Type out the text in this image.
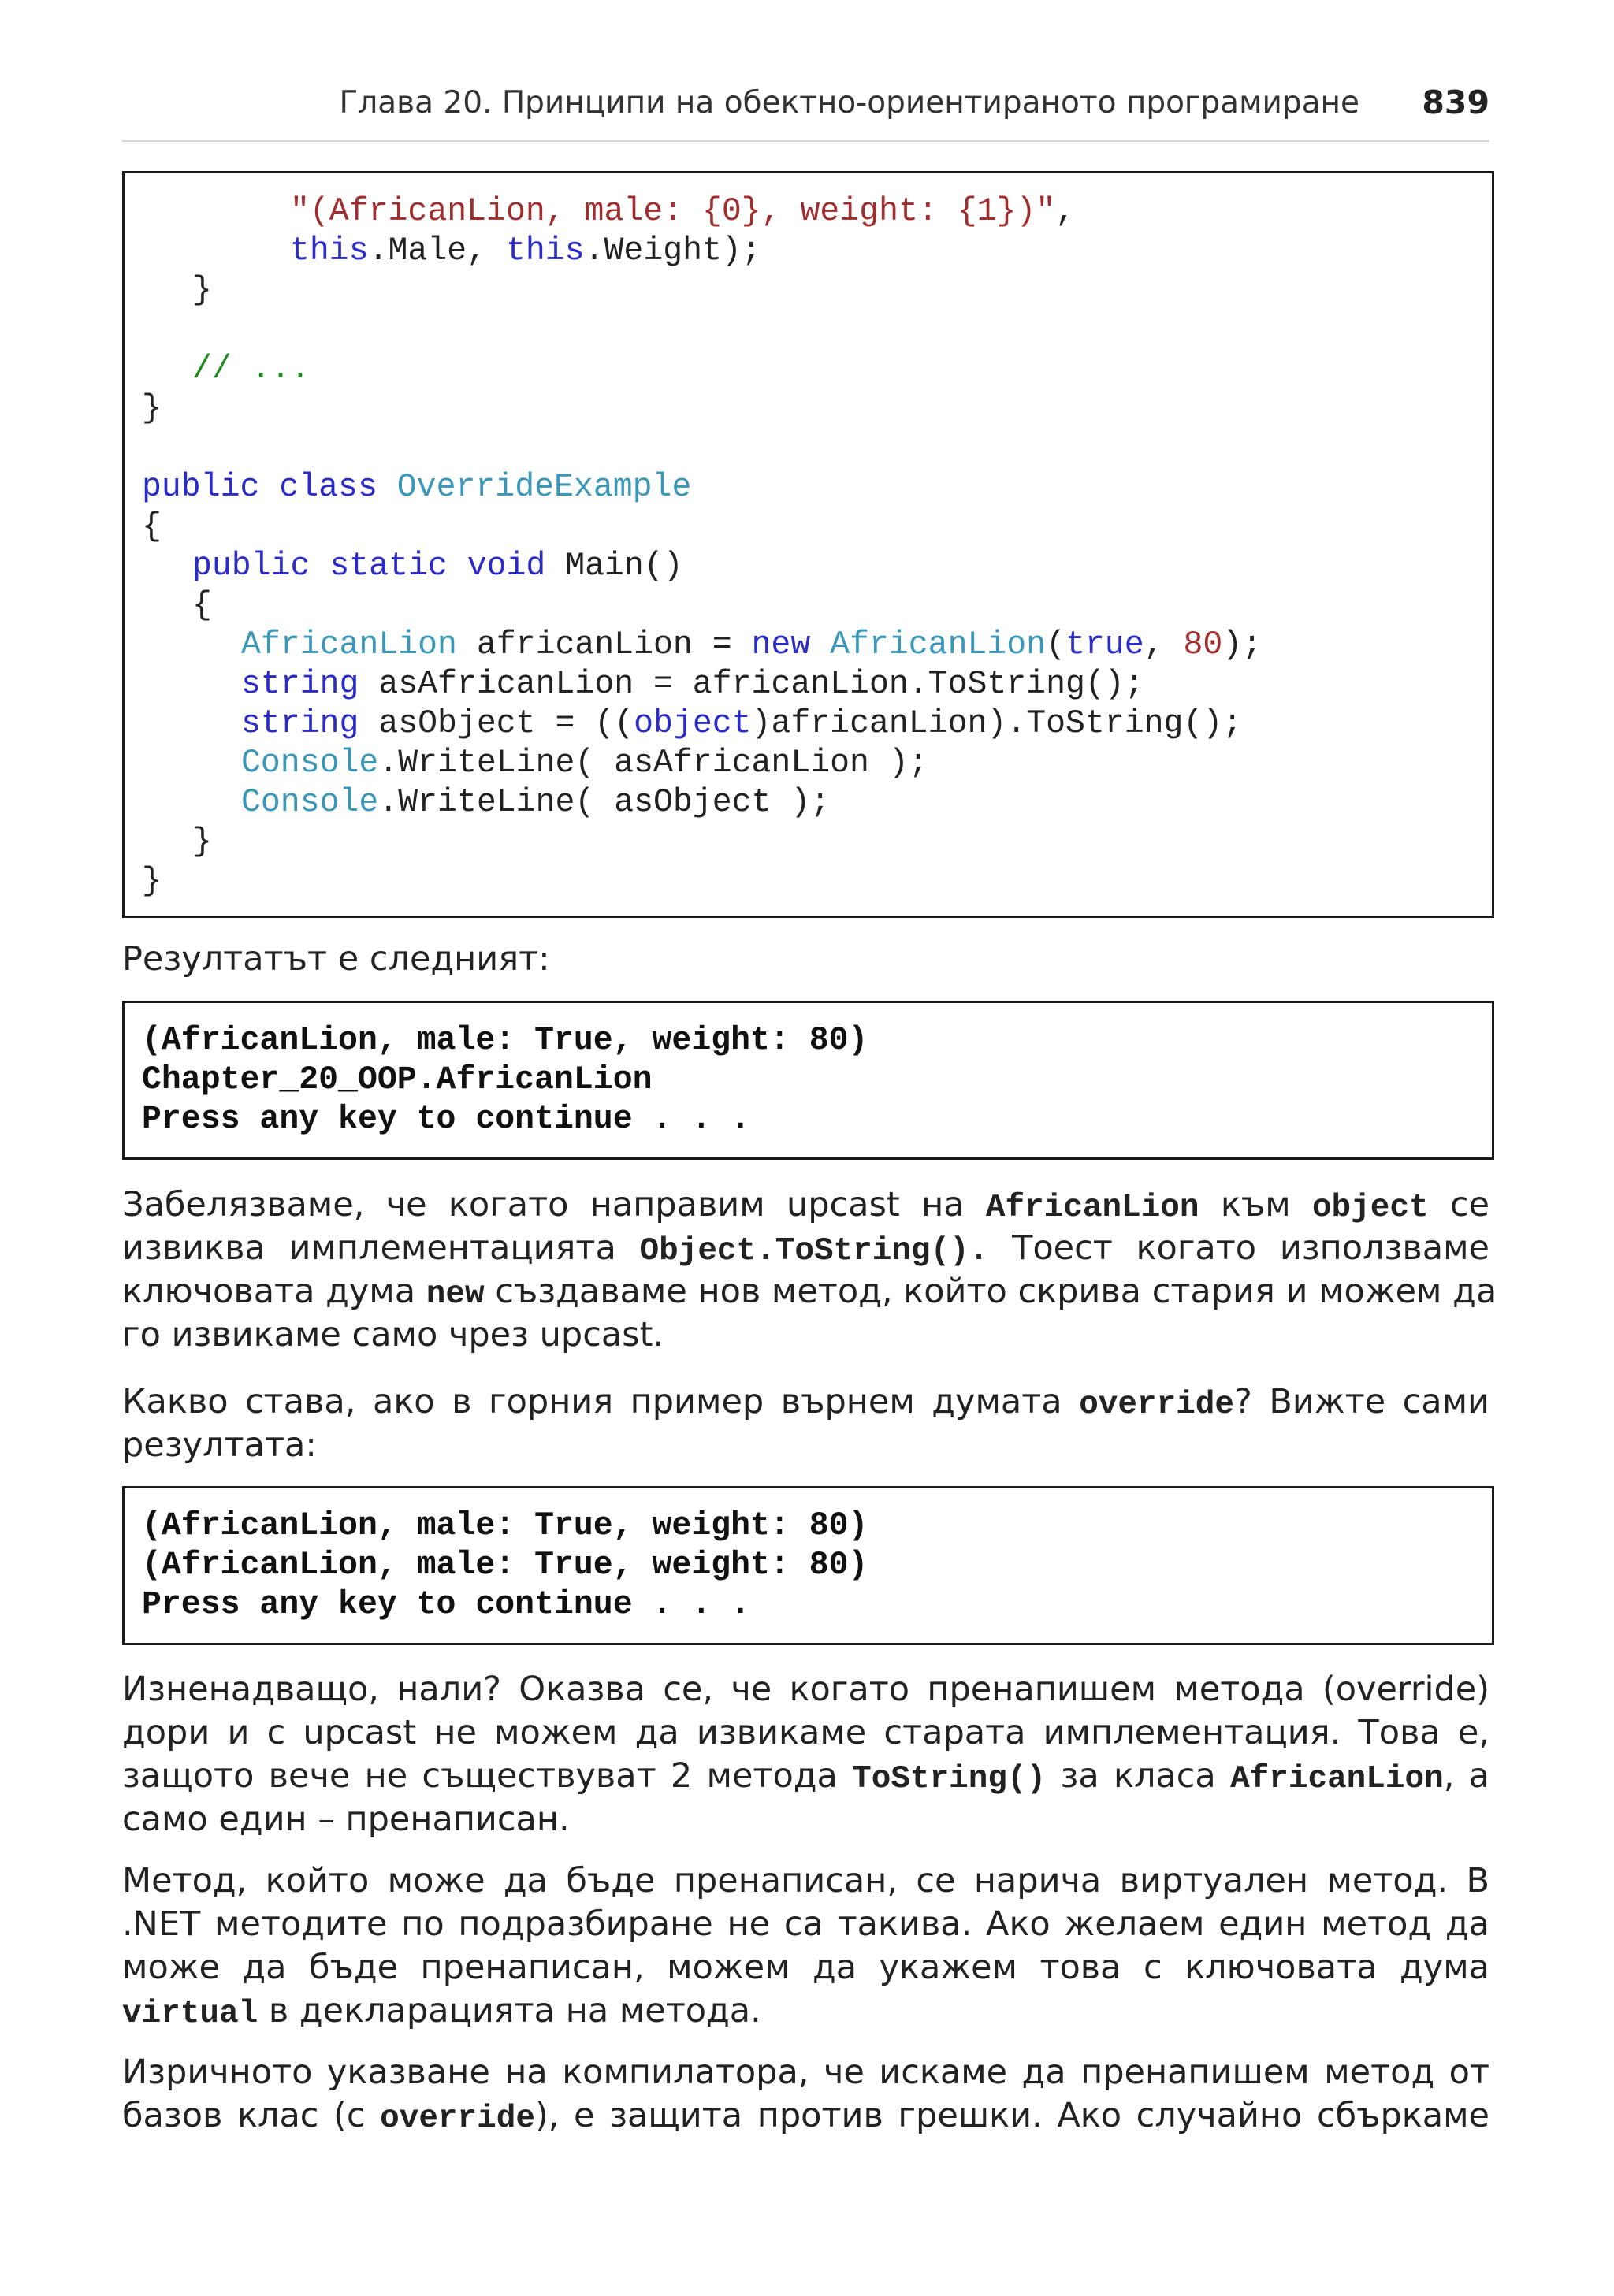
Глава 20. Принципи на обектно-ориентираното програмиране 839
"(AfricanLion, male: {0}, weight: {1})",
this.Male, this.Weight);
}
// ...
}
public class OverrideExample
{
public static void Main()
{
AfricanLion africanLion = new AfricanLion(true, 80);
string asAfricanLion = africanLion.ToString();
string asObject = ((object)africanLion).ToString();
Console.WriteLine( asAfricanLion );
Console.WriteLine( asObject );
}
}
Резултатът е следният:
(AfricanLion, male: True, weight: 80)
Chapter_20_OOP.AfricanLion
Press any key to continue . . .
Забелязваме, че когато направим upcast на AfricanLion към object се
извиква имплементацията Object.ToString(). Тоест когато използваме
ключовата дума new създаваме нов метод, който скрива стария и можем да
го извикаме само чрез upcast.
Какво става, ако в горния пример върнем думата override? Вижте сами
резултата:
(AfricanLion, male: True, weight: 80)
(AfricanLion, male: True, weight: 80)
Press any key to continue . . .
Изненадващо, нали? Оказва се, че когато пренапишем метода (override)
дори и с upcast не можем да извикаме старата имплементация. Това е,
защото вече не съществуват 2 метода ToString() за класа AfricanLion, а
само един – пренаписан.
Метод, който може да бъде пренаписан, се нарича виртуален метод. В
.NET методите по подразбиране не са такива. Ако желаем един метод да
може да бъде пренаписан, можем да укажем това с ключовата дума
virtual в декларацията на метода.
Изричното указване на компилатора, че искаме да пренапишем метод от
базов клас (с override), е защита против грешки. Ако случайно сбъркаме
